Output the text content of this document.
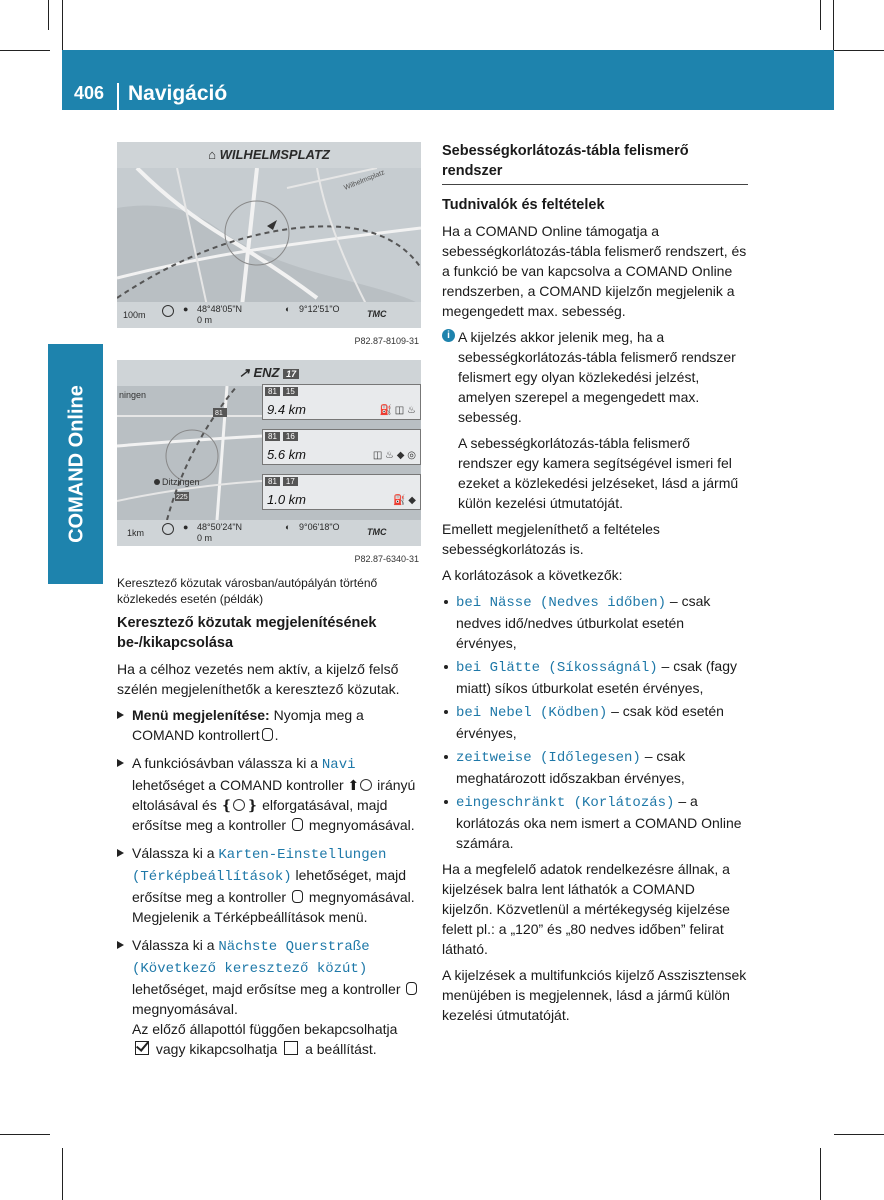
406 Navigáció
COMAND Online
⌂ WILHELMSPLATZ
Wilhelmsplatz
100m
● 48°48'05"N
0 m
◐ 9°12'51"O	TMC
P82.87-8109-31
↗ ENZ 17
ningen
Ditzingen
81
225
81 15
9.4 km	⛽ ◫ ♨
81 16
5.6 km	◫ ♨ ◆ ◎
81 17
1.0 km	⛽ ◆
1km
● 48°50'24"N
0 m
◐ 9°06'18"O	TMC
P82.87-6340-31

Keresztező közutak városban/autópályán történő közlekedés esetén (példák)

Keresztező közutak megjelenítésének be-/kikapcsolása

Ha a célhoz vezetés nem aktív, a kijelző felső szélén megjeleníthetők a keresztező közutak.

Menü megjelenítése: Nyomja meg a COMAND kontrollert .
A funkciósávban válassza ki a Navi lehetőséget a COMAND kontroller ⬆ irányú eltolásával és ❴ ❵ elforgatásával, majd erősítse meg a kontroller  megnyomásával.
Válassza ki a Karten-Einstellungen (Térképbeállítások) lehetőséget, majd erősítse meg a kontroller  megnyomásával.
Megjelenik a Térképbeállítások menü.
Válassza ki a Nächste Querstraße (Következő keresztező közút) lehetőséget, majd erősítse meg a kontroller  megnyomásával.
Az előző állapottól függően bekapcsolhatja
vagy kikapcsolhatja  a beállítást.
Sebességkorlátozás-tábla felismerő rendszer

Tudnivalók és feltételek

Ha a COMAND Online támogatja a sebességkorlátozás-tábla felismerő rendszert, és a funkció be van kapcsolva a COMAND Online rendszerben, a COMAND kijelzőn megjelenik a megengedett max. sebesség.

i A kijelzés akkor jelenik meg, ha a sebességkorlátozás-tábla felismerő rendszer felismert egy olyan közlekedési jelzést, amelyen szerepel a megengedett max. sebesség.

A sebességkorlátozás-tábla felismerő rendszer egy kamera segítségével ismeri fel ezeket a közlekedési jelzéseket, lásd a jármű külön kezelési útmutatóját.

Emellett megjeleníthető a feltételes sebességkorlátozás is.

A korlátozások a következők:

bei Nässe (Nedves időben) – csak nedves idő/nedves útburkolat esetén érvényes,
bei Glätte (Síkosságnál) – csak (fagy miatt) síkos útburkolat esetén érvényes,
bei Nebel (Ködben) – csak köd esetén érvényes,
zeitweise (Időlegesen) – csak meghatározott időszakban érvényes,
eingeschränkt (Korlátozás) – a korlátozás oka nem ismert a COMAND Online számára.

Ha a megfelelő adatok rendelkezésre állnak, a kijelzések balra lent láthatók a COMAND kijelzőn. Közvetlenül a mértékegység kijelzése felett pl.: a „120” és „80 nedves időben” felirat látható.

A kijelzések a multifunkciós kijelző Asszisztensek menüjében is megjelennek, lásd a jármű külön kezelési útmutatóját.
